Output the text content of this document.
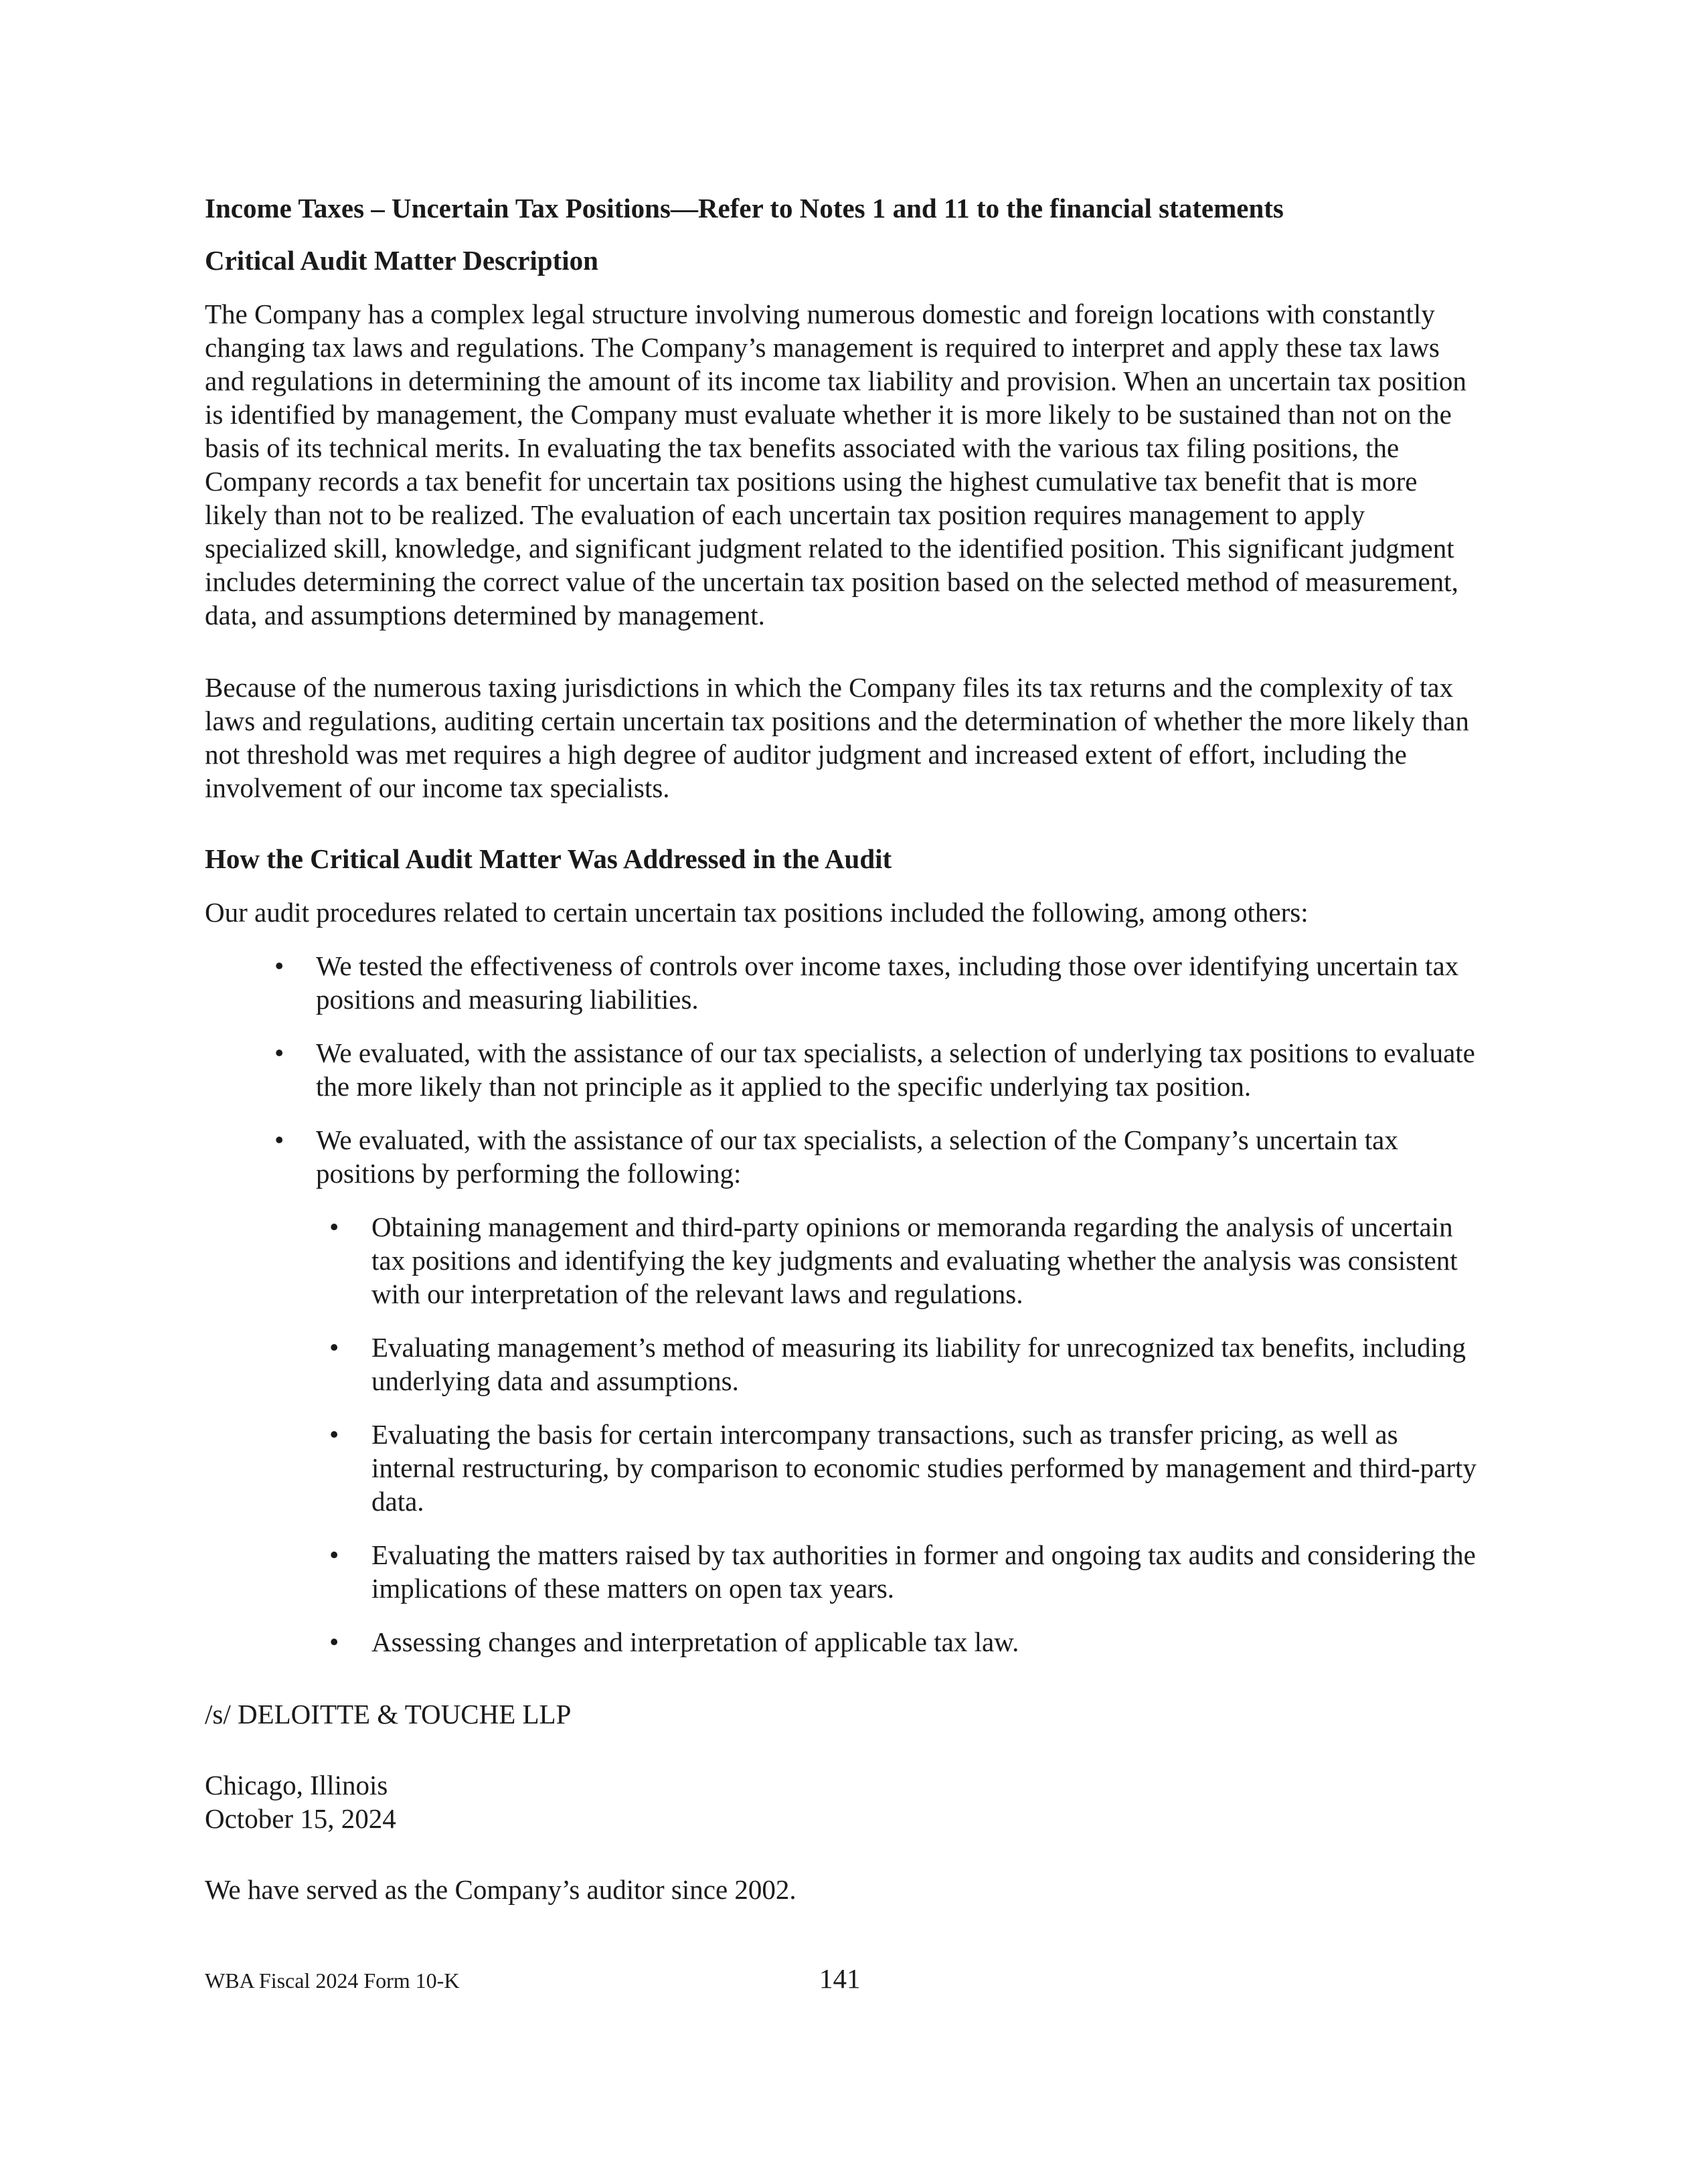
Income Taxes – Uncertain Tax Positions—Refer to Notes 1 and 11 to the financial statements

Critical Audit Matter Description

The Company has a complex legal structure involving numerous domestic and foreign locations with constantly changing tax laws and regulations. The Company’s management is required to interpret and apply these tax laws and regulations in determining the amount of its income tax liability and provision. When an uncertain tax position is identified by management, the Company must evaluate whether it is more likely to be sustained than not on the basis of its technical merits. In evaluating the tax benefits associated with the various tax filing positions, the Company records a tax benefit for uncertain tax positions using the highest cumulative tax benefit that is more likely than not to be realized. The evaluation of each uncertain tax position requires management to apply specialized skill, knowledge, and significant judgment related to the identified position. This significant judgment includes determining the correct value of the uncertain tax position based on the selected method of measurement, data, and assumptions determined by management.

Because of the numerous taxing jurisdictions in which the Company files its tax returns and the complexity of tax laws and regulations, auditing certain uncertain tax positions and the determination of whether the more likely than not threshold was met requires a high degree of auditor judgment and increased extent of effort, including the involvement of our income tax specialists.

How the Critical Audit Matter Was Addressed in the Audit

Our audit procedures related to certain uncertain tax positions included the following, among others:

• We tested the effectiveness of controls over income taxes, including those over identifying uncertain tax positions and measuring liabilities.
• We evaluated, with the assistance of our tax specialists, a selection of underlying tax positions to evaluate the more likely than not principle as it applied to the specific underlying tax position.
• We evaluated, with the assistance of our tax specialists, a selection of the Company’s uncertain tax positions by performing the following:
• Obtaining management and third-party opinions or memoranda regarding the analysis of uncertain tax positions and identifying the key judgments and evaluating whether the analysis was consistent with our interpretation of the relevant laws and regulations.
• Evaluating management’s method of measuring its liability for unrecognized tax benefits, including underlying data and assumptions.
• Evaluating the basis for certain intercompany transactions, such as transfer pricing, as well as internal restructuring, by comparison to economic studies performed by management and third-party data.
• Evaluating the matters raised by tax authorities in former and ongoing tax audits and considering the implications of these matters on open tax years.
• Assessing changes and interpretation of applicable tax law.

/s/ DELOITTE & TOUCHE LLP

Chicago, Illinois

October 15, 2024

We have served as the Company’s auditor since 2002.

WBA Fiscal 2024 Form 10-K	141
